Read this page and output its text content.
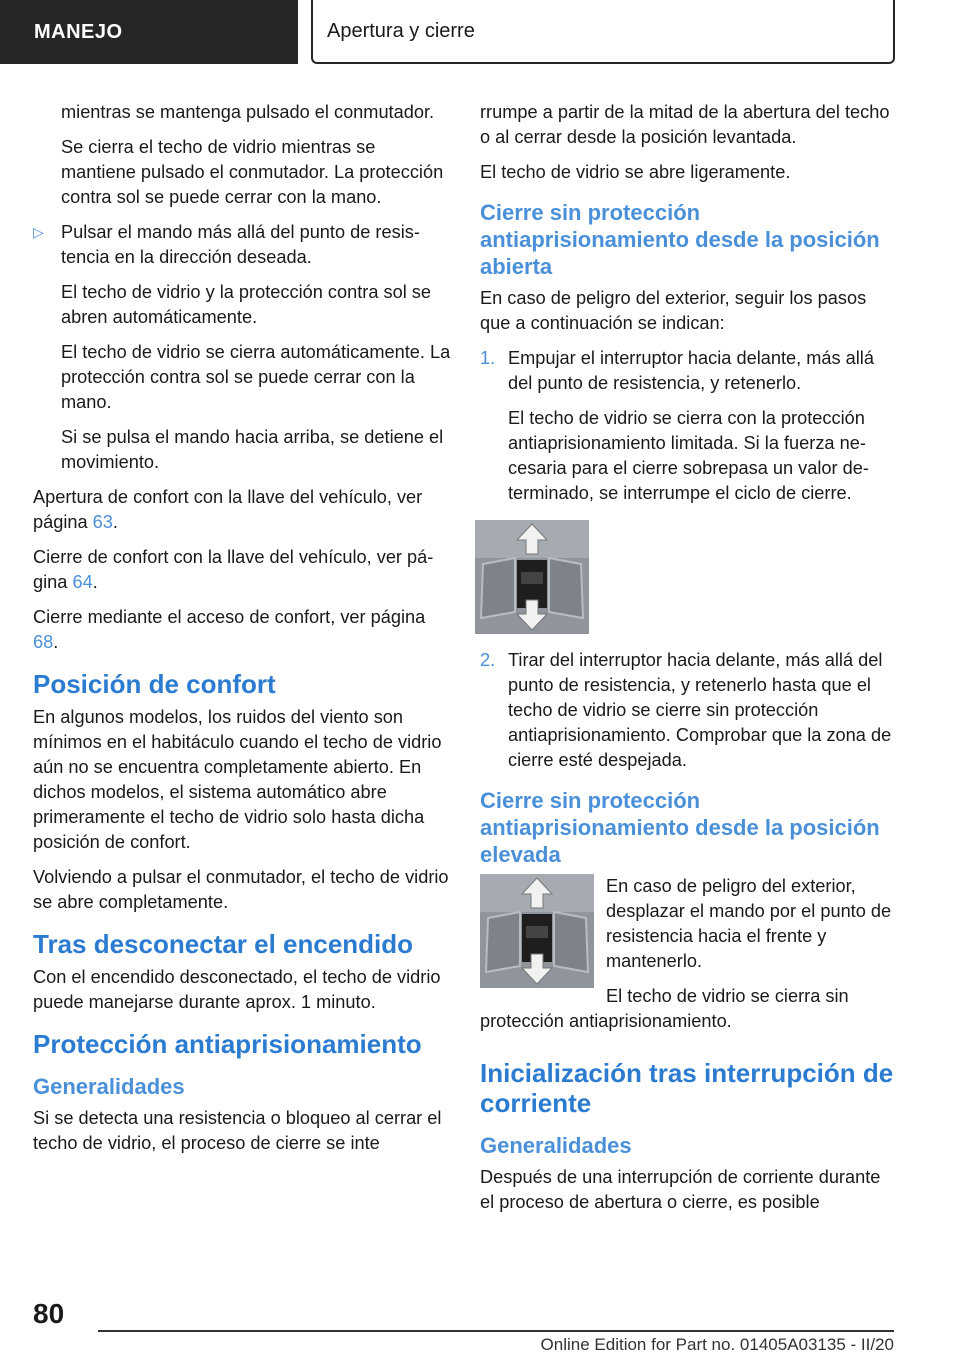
MANEJO	Apertura y cierre

mientras se mantenga pulsado el conmutador.

Se cierra el techo de vidrio mientras se mantiene pulsado el conmutador. La protección contra sol se puede cerrar con la mano.

▷ Pulsar el mando más allá del punto de resistencia en la dirección deseada.

El techo de vidrio y la protección contra sol se abren automáticamente.

El techo de vidrio se cierra automáticamente. La protección contra sol se puede cerrar con la mano.

Si se pulsa el mando hacia arriba, se detiene el movimiento.

Apertura de confort con la llave del vehículo, ver página 63.

Cierre de confort con la llave del vehículo, ver página 64.

Cierre mediante el acceso de confort, ver página 68.

Posición de confort

En algunos modelos, los ruidos del viento son mínimos en el habitáculo cuando el techo de vidrio aún no se encuentra completamente abierto. En dichos modelos, el sistema automático abre primeramente el techo de vidrio solo hasta dicha posición de confort.

Volviendo a pulsar el conmutador, el techo de vidrio se abre completamente.

Tras desconectar el encendido

Con el encendido desconectado, el techo de vidrio puede manejarse durante aprox. 1 minuto.

Protección antiaprisionamiento
Generalidades

Si se detecta una resistencia o bloqueo al cerrar el techo de vidrio, el proceso de cierre se inte

rrumpe a partir de la mitad de la abertura del techo o al cerrar desde la posición levantada.

El techo de vidrio se abre ligeramente.

Cierre sin protección antiaprisionamiento desde la posición abierta

En caso de peligro del exterior, seguir los pasos que a continuación se indican:

1. Empujar el interruptor hacia delante, más allá del punto de resistencia, y retenerlo.

El techo de vidrio se cierra con la protección antiaprisionamiento limitada. Si la fuerza necesaria para el cierre sobrepasa un valor determinado, se interrumpe el ciclo de cierre.

2. Tirar del interruptor hacia delante, más allá del punto de resistencia, y retenerlo hasta que el techo de vidrio se cierre sin protección antiaprisionamiento. Comprobar que la zona de cierre esté despejada.

Cierre sin protección antiaprisionamiento desde la posición elevada

En caso de peligro del exterior, desplazar el mando por el punto de resistencia hacia el frente y mantenerlo.

El techo de vidrio se cierra sin protección antiaprisionamiento.

Inicialización tras interrupción de corriente
Generalidades

Después de una interrupción de corriente durante el proceso de abertura o cierre, es posible

80
Online Edition for Part no. 01405A03135 - II/20
